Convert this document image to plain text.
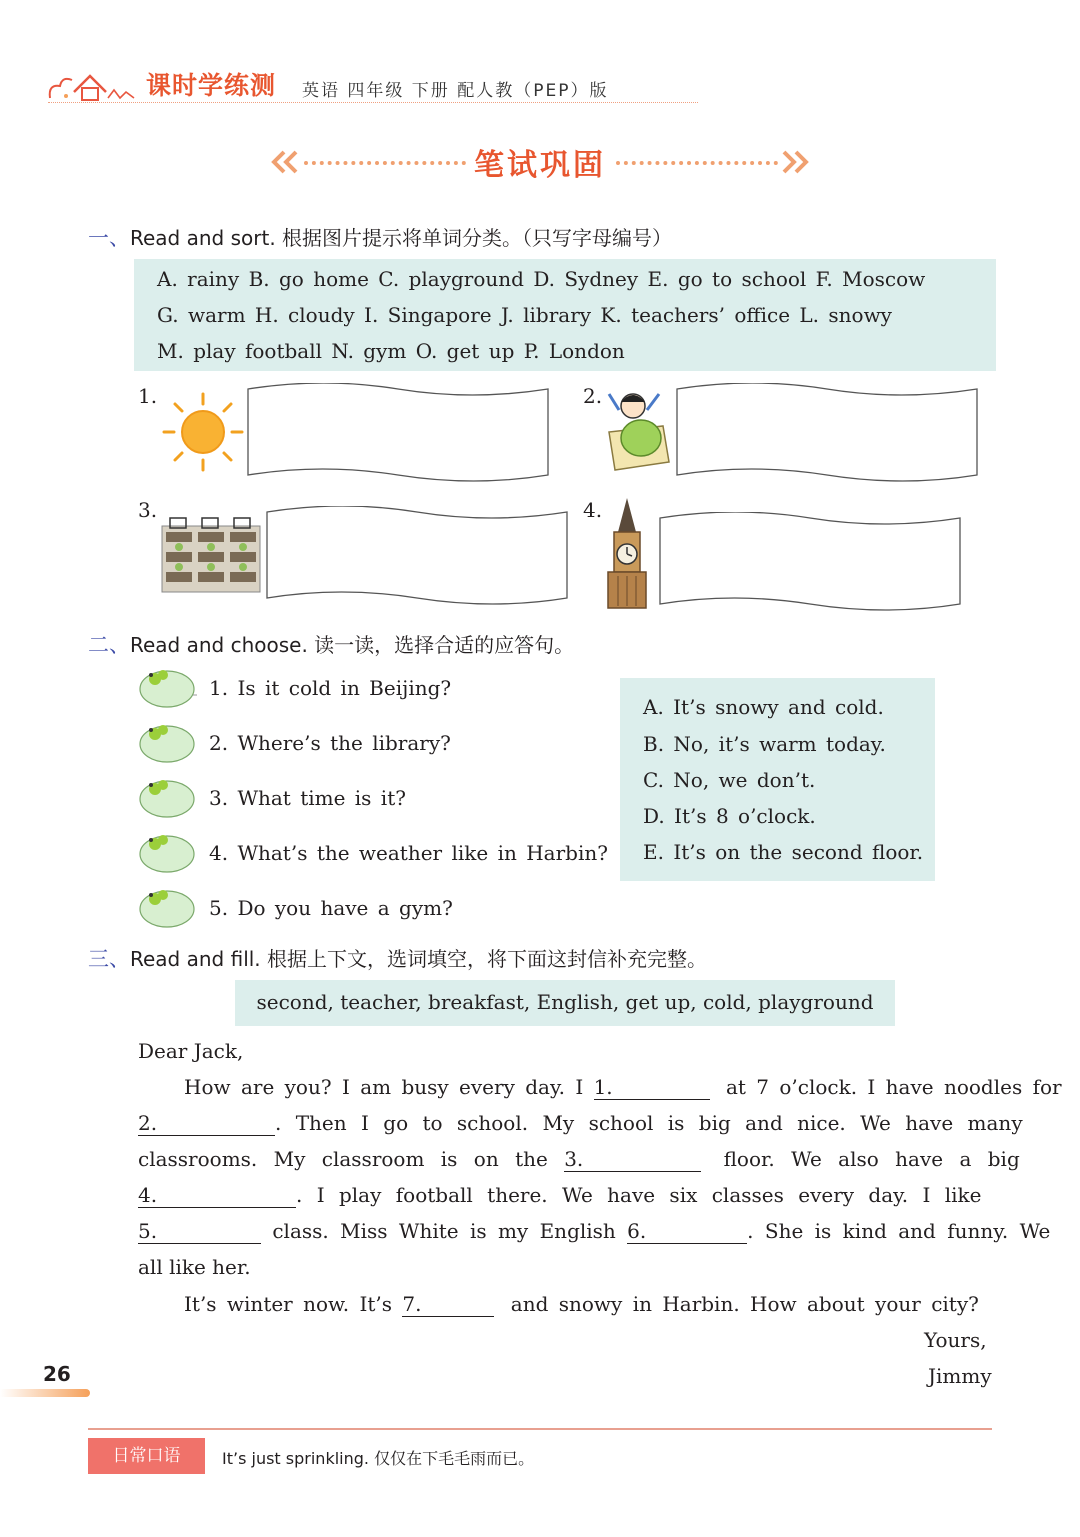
课时学练测 英语 四年级 下册 配人教（PEP）版
笔试巩固
一、Read and sort. 根据图片提示将单词分类。（只写字母编号）
A. rainy B. go home C. playground D. Sydney E. go to school F. Moscow
G. warm H. cloudy I. Singapore J. library K. teachers’ office L. snowy
M. play football N. gym O. get up P. London
1.	2.
3.	4.
二、Read and choose. 读一读，选择合适的应答句。
1. Is it cold in Beijing?
2. Where’s the library?
3. What time is it?
4. What’s the weather like in Harbin?
5. Do you have a gym?
A. It’s snowy and cold.
B. No, it’s warm today.
C. No, we don’t.
D. It’s 8 o’clock.
E. It’s on the second floor.
三、Read and fill. 根据上下文，选词填空，将下面这封信补充完整。
second, teacher, breakfast, English, get up, cold, playground
Dear Jack,
How are you? I am busy every day. I 1.	at 7 o’clock. I have noodles for
2.	. Then I go to school. My school is big and nice. We have many
classrooms. My classroom is on the 3.	floor. We also have a big
4.	. I play football there. We have six classes every day. I like
5.	class. Miss White is my English 6.	. She is kind and funny. We
all like her.
It’s winter now. It’s 7.	and snowy in Harbin. How about your city?
Yours,
Jimmy
26
日常口语	It’s just sprinkling. 仅仅在下毛毛雨而已。
